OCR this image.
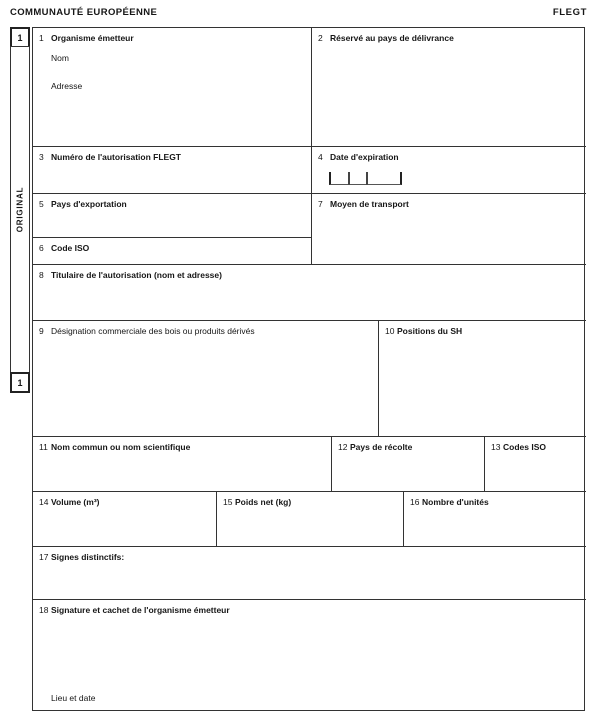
COMMUNAUTÉ EUROPÉENNE	FLEGT
1
ORIGINAL
1
1 Organisme émetteur
Nom
Adresse
2 Réservé au pays de délivrance
3 Numéro de l'autorisation FLEGT	4 Date d'expiration
5 Pays d'exportation
6 Code ISO
7 Moyen de transport
8 Titulaire de l'autorisation (nom et adresse)
9 Désignation commerciale des bois ou produits dérivés	10 Positions du SH
11 Nom commun ou nom scientifique	12 Pays de récolte	13 Codes ISO
14 Volume (m³)	15 Poids net (kg)	16 Nombre d'unités
17 Signes distinctifs:
18 Signature et cachet de l'organisme émetteur
Lieu et date
